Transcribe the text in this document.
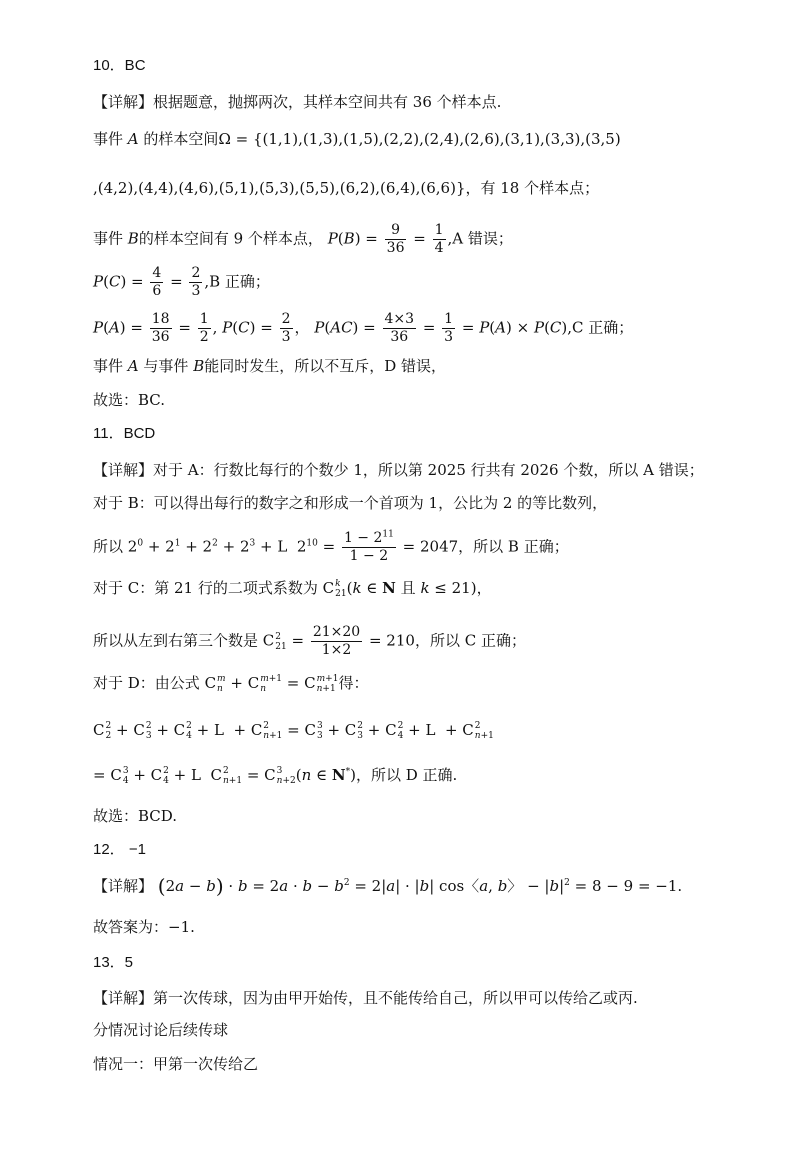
10．BC
【详解】根据题意，抛掷两次，其样本空间共有 36 个样本点.
事件 A 的样本空间Ω = {(1,1),(1,3),(1,5),(2,2),(2,4),(2,6),(3,1),(3,3),(3,5)
,(4,2),(4,4),(4,6),(5,1),(5,3),(5,5),(6,2),(6,4),(6,6)}，有 18 个样本点；
事件 B的样本空间有 9 个样本点， $P(B) = \frac{9}{36} = \frac{1}{4} ,A$ 错误；
$P(C) = \frac{4}{6} = \frac{2}{3} ,B$ 正确；
$P(A) = \frac{18}{36} = \frac{1}{2}$ , $P(C) = \frac{2}{3}$ ， $P(AC) = \frac{4\times 3}{36} = \frac{1}{3} = P(A) \times P(C),C$ 正确；
事件 A 与事件 B能同时发生，所以不互斥，D 错误，
故选：BC.
11．BCD
【详解】对于 A：行数比每行的个数少 1，所以第 2025 行共有 2026 个数，所以 A 错误；
对于 B：可以得出每行的数字之和形成一个首项为 1，公比为 2 的等比数列，
所以 $2^0 + 2^1 + 2^2 + 2^3 + L$  $2^{10} = \frac{1 - 2^{11}}{1 - 2} = 2047$，所以 B 正确；
对于 C：第 21 行的二项式系数为 C k
21 (k ∈ N 且 k ≤ 21)，
所以从左到右第三个数是 C 2
$21 = \frac{21\times 20}{1\times 2} = 210$，所以 C 正确；
对于 D：由公式 C m
n + C m+1
n	= C m+1
n+1 得：
C 2
2 + C 2
3 + C 2
4 + L  + C 2
n+1 = C 3
3 + C 2
3 + C 2
4 + L  + C 2
n+1
= C 3
4 + C 2
4 + L  C 2
n+1 = C 3
n+2 (n ∈ N*)，所以 D 正确.
故选：BCD.
12． −1
【详解】 $(2a - b) \cdot b = 2a \cdot b - b^2 = 2|a| \cdot |b|$ cos〈a, b〉 − $|b|^2 = 8 - 9 = -1$.
故答案为：−1.
13．5
【详解】第一次传球，因为由甲开始传，且不能传给自己，所以甲可以传给乙或丙.
分情况讨论后续传球
情况一：甲第一次传给乙
